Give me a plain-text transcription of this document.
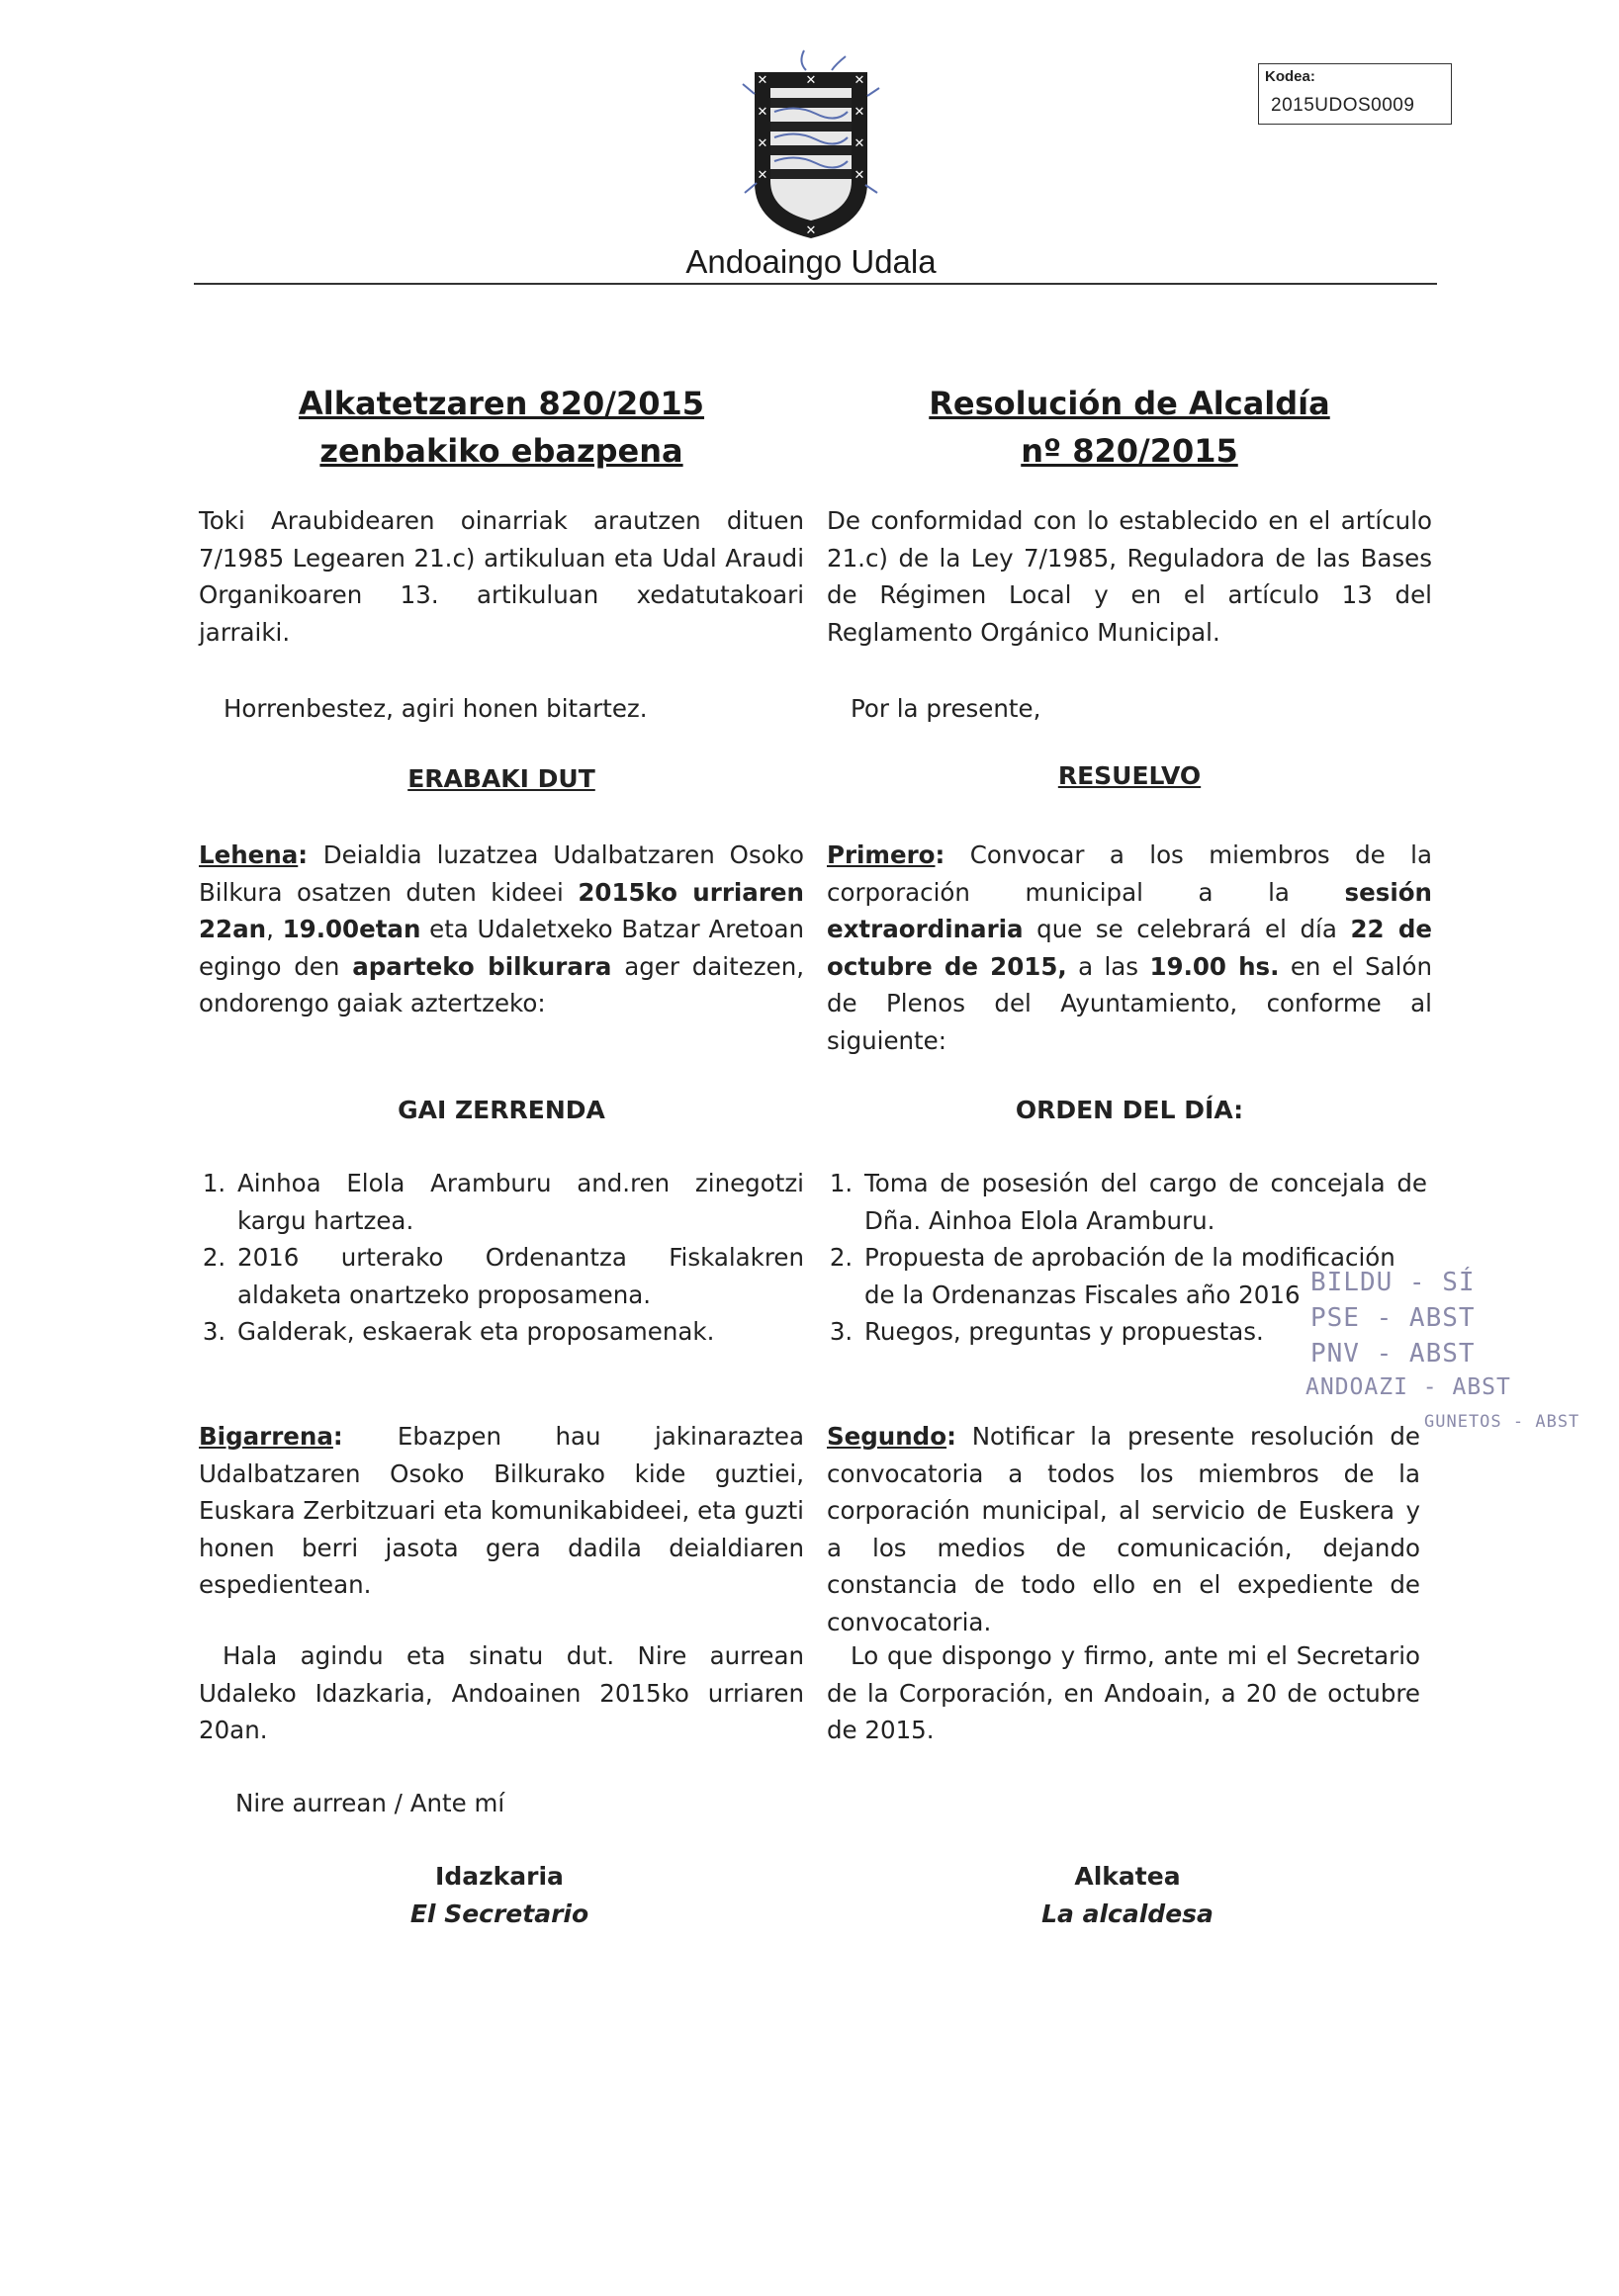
✕	✕	✕
✕	✕
✕	✕
✕	✕
✕
Andoaingo Udala
Kodea:
2015UDOS0009
Alkatetzaren 820/2015
zenbakiko ebazpena
Resolución de Alcaldía
nº 820/2015
Toki Araubidearen oinarriak arautzen dituen 7/1985 Legearen 21.c) artikuluan eta Udal Araudi Organikoaren 13. artikuluan xedatutakoari jarraiki.
De conformidad con lo establecido en el artículo 21.c) de la Ley 7/1985, Reguladora de las Bases de Régimen Local y en el artículo 13 del Reglamento Orgánico Municipal.
Horrenbestez, agiri honen bitartez.	Por la presente,
ERABAKI DUT	RESUELVO
Lehena: Deialdia luzatzea Udalbatzaren Osoko Bilkura osatzen duten kideei 2015ko urriaren 22an, 19.00etan eta Udaletxeko Batzar Aretoan egingo den aparteko bilkurara ager daitezen, ondorengo gaiak aztertzeko:
Primero: Convocar a los miembros de la corporación municipal a la sesión extraordinaria que se celebrará el día 22 de octubre de 2015, a las 19.00 hs. en el Salón de Plenos del Ayuntamiento, conforme al siguiente:
GAI ZERRENDA	ORDEN DEL DÍA:
1. Ainhoa Elola Aramburu and.ren zinegotzi kargu hartzea.
2. 2016 urterako Ordenantza Fiskalakren aldaketa onartzeko proposamena.
3. Galderak, eskaerak eta proposamenak.
1. Toma de posesión del cargo de concejala de Dña. Ainhoa Elola Aramburu.
2. Propuesta de aprobación de la modificación de la Ordenanzas Fiscales año 2016
3. Ruegos, preguntas y propuestas.
BILDU - SÍ
PSE - ABST
PNV - ABST
ANDOAZI - ABST
GUNETOS - ABST
Bigarrena: Ebazpen hau jakinaraztea Udalbatzaren Osoko Bilkurako kide guztiei, Euskara Zerbitzuari eta komunikabideei, eta guzti honen berri jasota gera dadila deialdiaren espedientean.
Segundo: Notificar la presente resolución de convocatoria a todos los miembros de la corporación municipal, al servicio de Euskera y a los medios de comunicación, dejando constancia de todo ello en el expediente de convocatoria.
Hala agindu eta sinatu dut. Nire aurrean Udaleko Idazkaria, Andoainen 2015ko urriaren 20an.
Lo que dispongo y firmo, ante mi el Secretario de la Corporación, en Andoain, a 20 de octubre de 2015.
Nire aurrean / Ante mí
Idazkaria
El Secretario
Alkatea
La alcaldesa
